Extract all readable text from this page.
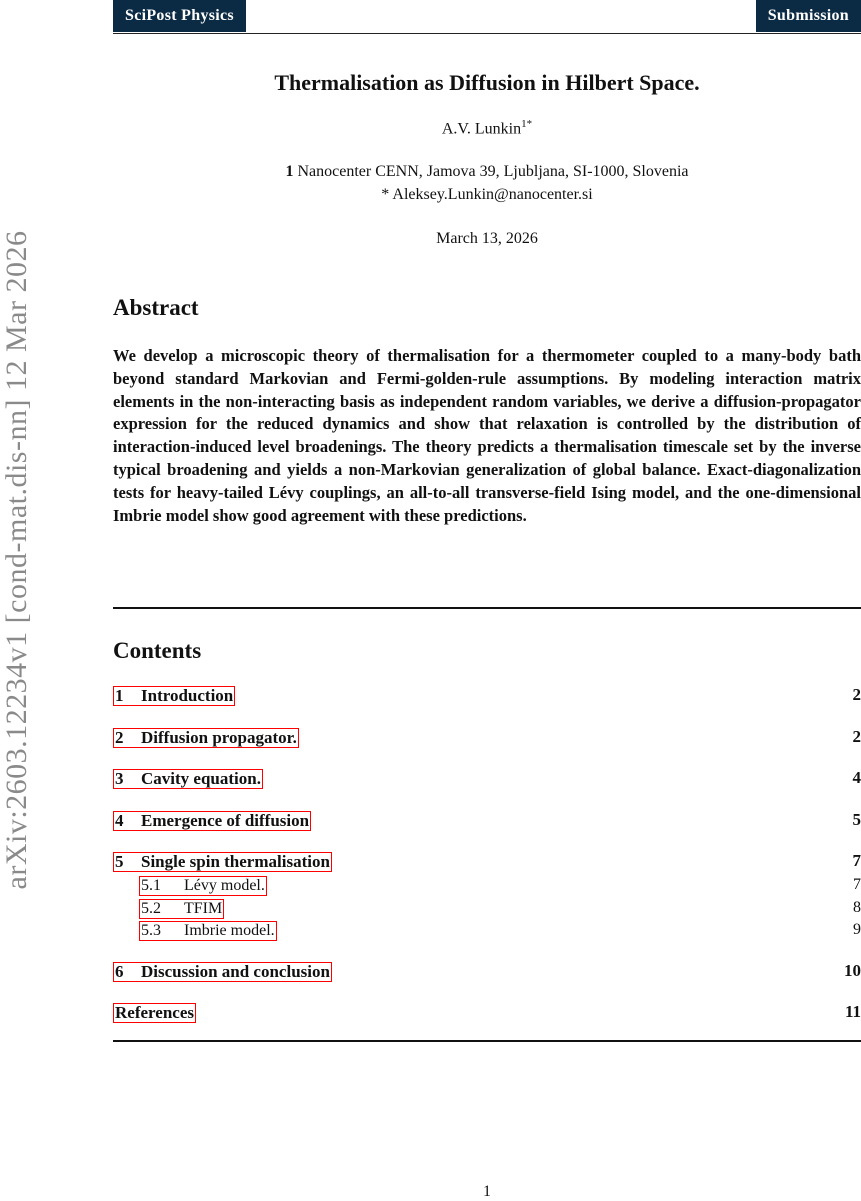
arXiv:2603.12234v1 [cond-mat.dis-nn] 12 Mar 2026
SciPost Physics	Submission
Thermalisation as Diffusion in Hilbert Space.
A.V. Lunkin$^{1*}$
1 Nanocenter CENN, Jamova 39, Ljubljana, SI-1000, Slovenia
* Aleksey.Lunkin@nanocenter.si
March 13, 2026
Abstract
We develop a microscopic theory of thermalisation for a thermometer coupled to a many-body bath beyond standard Markovian and Fermi-golden-rule assumptions. By modeling interaction matrix elements in the non-interacting basis as independent random variables, we derive a diffusion-propagator expression for the reduced dynamics and show that relaxation is controlled by the distribution of interaction-induced level broadenings. The theory predicts a thermalisation timescale set by the inverse typical broadening and yields a non-Markovian generalization of global balance. Exact-diagonalization tests for heavy-tailed Lévy couplings, an all-to-all transverse-field Ising model, and the one-dimensional Imbrie model show good agreement with these predictions.
Contents
1 Introduction	2
2 Diffusion propagator.	2
3 Cavity equation.	4
4 Emergence of diffusion	5
5 Single spin thermalisation	7
5.1 Lévy model.	7
5.2 TFIM	8
5.3 Imbrie model.	9
6 Discussion and conclusion	10
References	11
1
